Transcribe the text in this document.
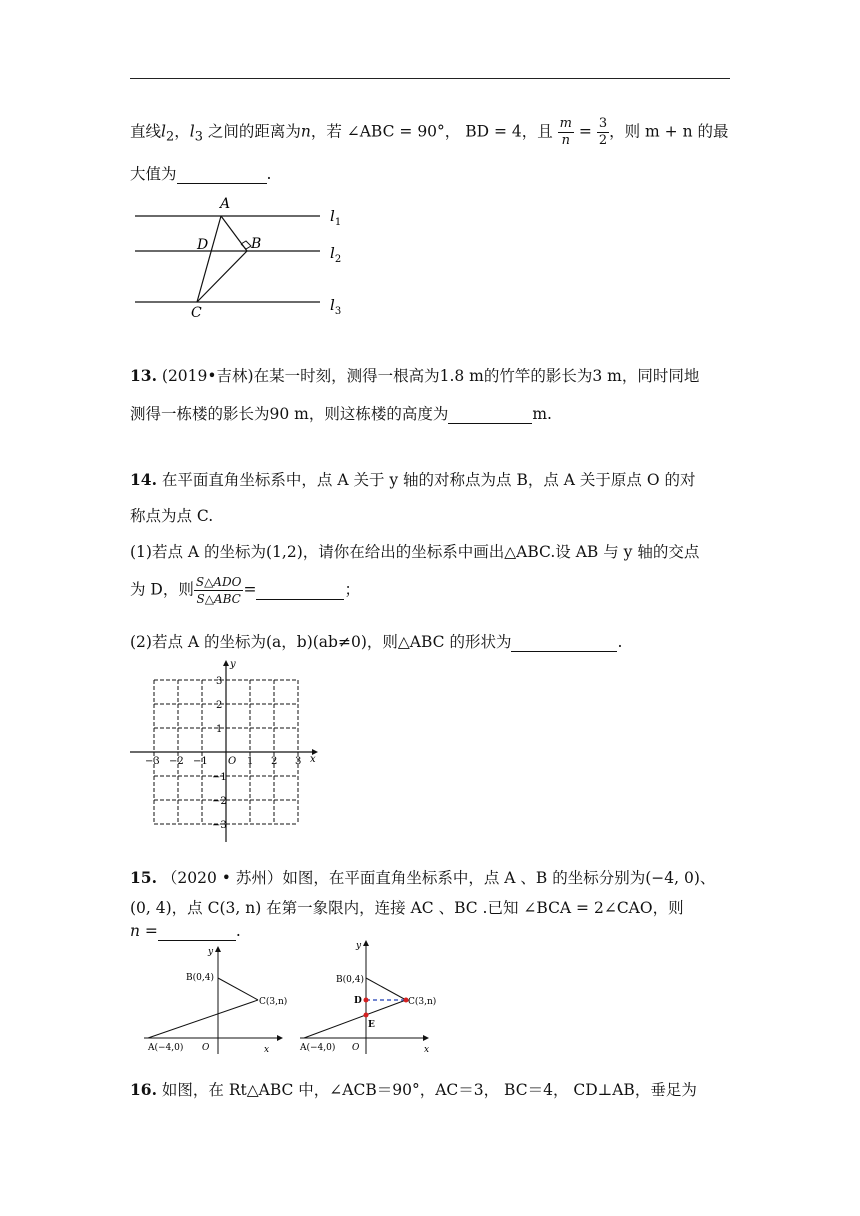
直线$l_2$，$l_3$ 之间的距离为n，若 ∠ABC = 90°， BD = 4，且 $\frac{m}{n} = \frac{3}{2}$ ，则 m + n 的最
大值为	.
A
B
C
D
$l_1$
$l_2$
$l_3$
13. (2019•吉林)在某一时刻，测得一根高为1.8 m的竹竿的影长为3 m，同时同地
测得一栋楼的影长为90 m，则这栋楼的高度为	m.
14. 在平面直角坐标系中，点 A 关于 y 轴的对称点为点 B，点 A 关于原点 O 的对
称点为点 C.
(1)若点 A 的坐标为(1,2)，请你在给出的坐标系中画出△ABC.设 AB 与 y 轴的交点
为 D，则 $\frac{\text{S△ADO}}{\text{S△ABC}}$ =	；
(2)若点 A 的坐标为(a，b)(ab≠0)，则△ABC 的形状为	.
y
x
O
−3 −2 −1	1 2 3
3
2
1
−1
−2
−3
15. （2020 • 苏州）如图，在平面直角坐标系中，点 A 、B 的坐标分别为(−4, 0)、
(0, 4)，点 C(3, n) 在第一象限内，连接 AC 、BC .已知 ∠BCA = 2∠CAO，则
n =	.
y
x
B(0,4)
C(3,n)
A(−4,0) O
y
x
B(0,4)
C(3,n)
A(−4,0) O
D
E
16. 如图，在 Rt△ABC 中，∠ACB＝90°，AC＝3， BC＝4， CD⊥AB，垂足为
